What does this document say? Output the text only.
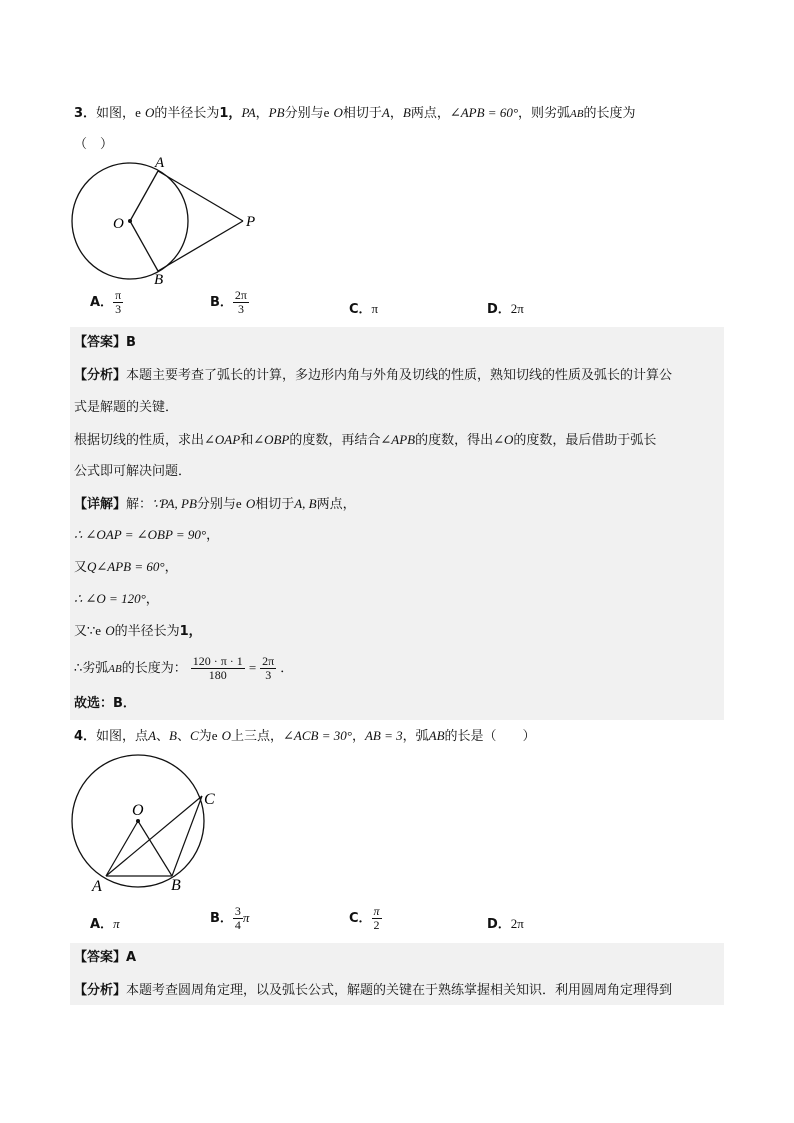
3．如图，e O的半径长为1，PA，PB分别与e O相切于A，B两点，∠APB = 60°，则劣弧AB的长度为
（　）
A
O	P
B
A． $\frac{\pi}{3}$	B． $\frac{2\pi}{3}$	C．π	D．2π
【答案】B
【分析】本题主要考查了弧长的计算，多边形内角与外角及切线的性质，熟知切线的性质及弧长的计算公
式是解题的关键．
根据切线的性质，求出∠OAP和∠OBP的度数，再结合∠APB的度数，得出∠O的度数，最后借助于弧长
公式即可解决问题．
【详解】解：∵PA, PB分别与e O相切于A, B两点，
∴ ∠OAP = ∠OBP = 90°，
又Q∠APB = 60°，
∴ ∠O = 120°，
又∵e O的半径长为1，
∴劣弧AB的长度为： $\frac{120 \cdot \pi \cdot 1}{180} = \frac{2\pi}{3}$ ．
故选：B．
4．如图，点A、B、C为e O上三点，∠ACB = 30°，AB = 3，弧AB的长是（　　）
O
C
A	B
A．π	B． $\frac{3}{4}$ π	C． $\frac{\pi}{2}$	D．2π
【答案】A
【分析】本题考查圆周角定理，以及弧长公式，解题的关键在于熟练掌握相关知识．利用圆周角定理得到
